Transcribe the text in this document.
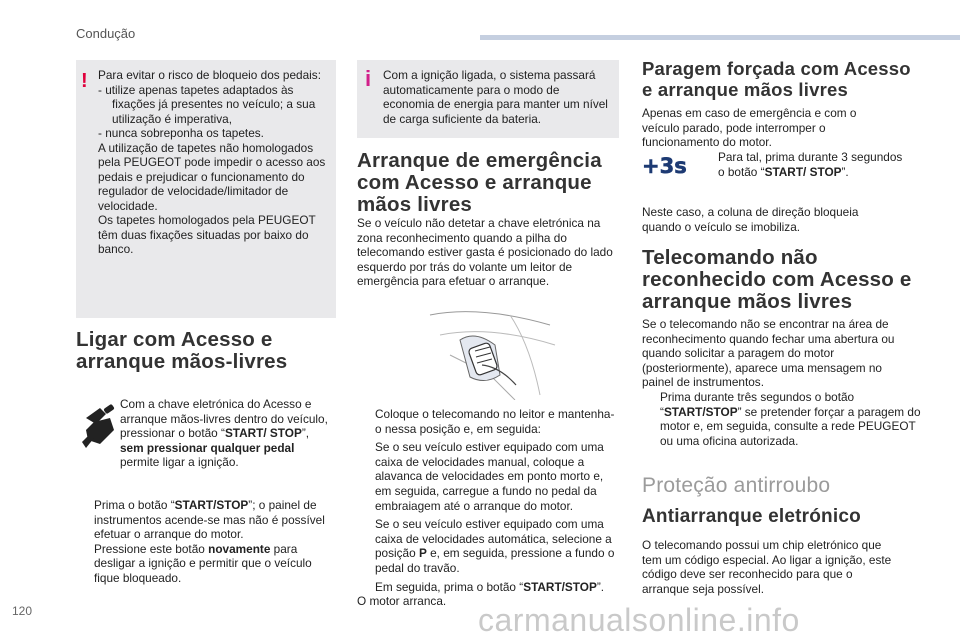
Condução
! Para evitar o risco de bloqueio dos pedais:

- utilize apenas tapetes adaptados às fixações já presentes no veículo; a sua utilização é imperativa,

- nunca sobreponha os tapetes.

A utilização de tapetes não homologados pela PEUGEOT pode impedir o acesso aos pedais e prejudicar o funcionamento do regulador de velocidade/limitador de velocidade.

Os tapetes homologados pela PEUGEOT têm duas fixações situadas por baixo do banco.

Ligar com Acesso e arranque mãos-livres

Com a chave eletrónica do Acesso e arranque mãos-livres dentro do veículo, pressionar o botão “START/ STOP”, sem pressionar qualquer pedal permite ligar a ignição.

Prima o botão “START/STOP”; o painel de instrumentos acende-se mas não é possível efetuar o arranque do motor.

Pressione este botão novamente para desligar a ignição e permitir que o veículo fique bloqueado.

i Com a ignição ligada, o sistema passará automaticamente para o modo de economia de energia para manter um nível de carga suficiente da bateria.

Arranque de emergência com Acesso e arranque mãos livres

Se o veículo não detetar a chave eletrónica na zona reconhecimento quando a pilha do telecomando estiver gasta é posicionado do lado esquerdo por trás do volante um leitor de emergência para efetuar o arranque.

Coloque o telecomando no leitor e mantenha-o nessa posição e, em seguida:

Se o seu veículo estiver equipado com uma caixa de velocidades manual, coloque a alavanca de velocidades em ponto morto e, em seguida, carregue a fundo no pedal da embraiagem até o arranque do motor.

Se o seu veículo estiver equipado com uma caixa de velocidades automática, selecione a posição P e, em seguida, pressione a fundo o pedal do travão.

Em seguida, prima o botão “START/STOP”.

O motor arranca.

Paragem forçada com Acesso e arranque mãos livres

Apenas em caso de emergência e com o veículo parado, pode interromper o funcionamento do motor.

+3s	Para tal, prima durante 3 segundos o botão “START/ STOP”.

Neste caso, a coluna de direção bloqueia quando o veículo se imobiliza.

Telecomando não reconhecido com Acesso e arranque mãos livres

Se o telecomando não se encontrar na área de reconhecimento quando fechar uma abertura ou quando solicitar a paragem do motor (posteriormente), aparece uma mensagem no painel de instrumentos.

Prima durante três segundos o botão “START/STOP” se pretender forçar a paragem do motor e, em seguida, consulte a rede PEUGEOT ou uma oficina autorizada.

Proteção antirroubo
Antiarranque eletrónico

O telecomando possui um chip eletrónico que tem um código especial. Ao ligar a ignição, este código deve ser reconhecido para que o arranque seja possível.

120	carmanualsonline.info
